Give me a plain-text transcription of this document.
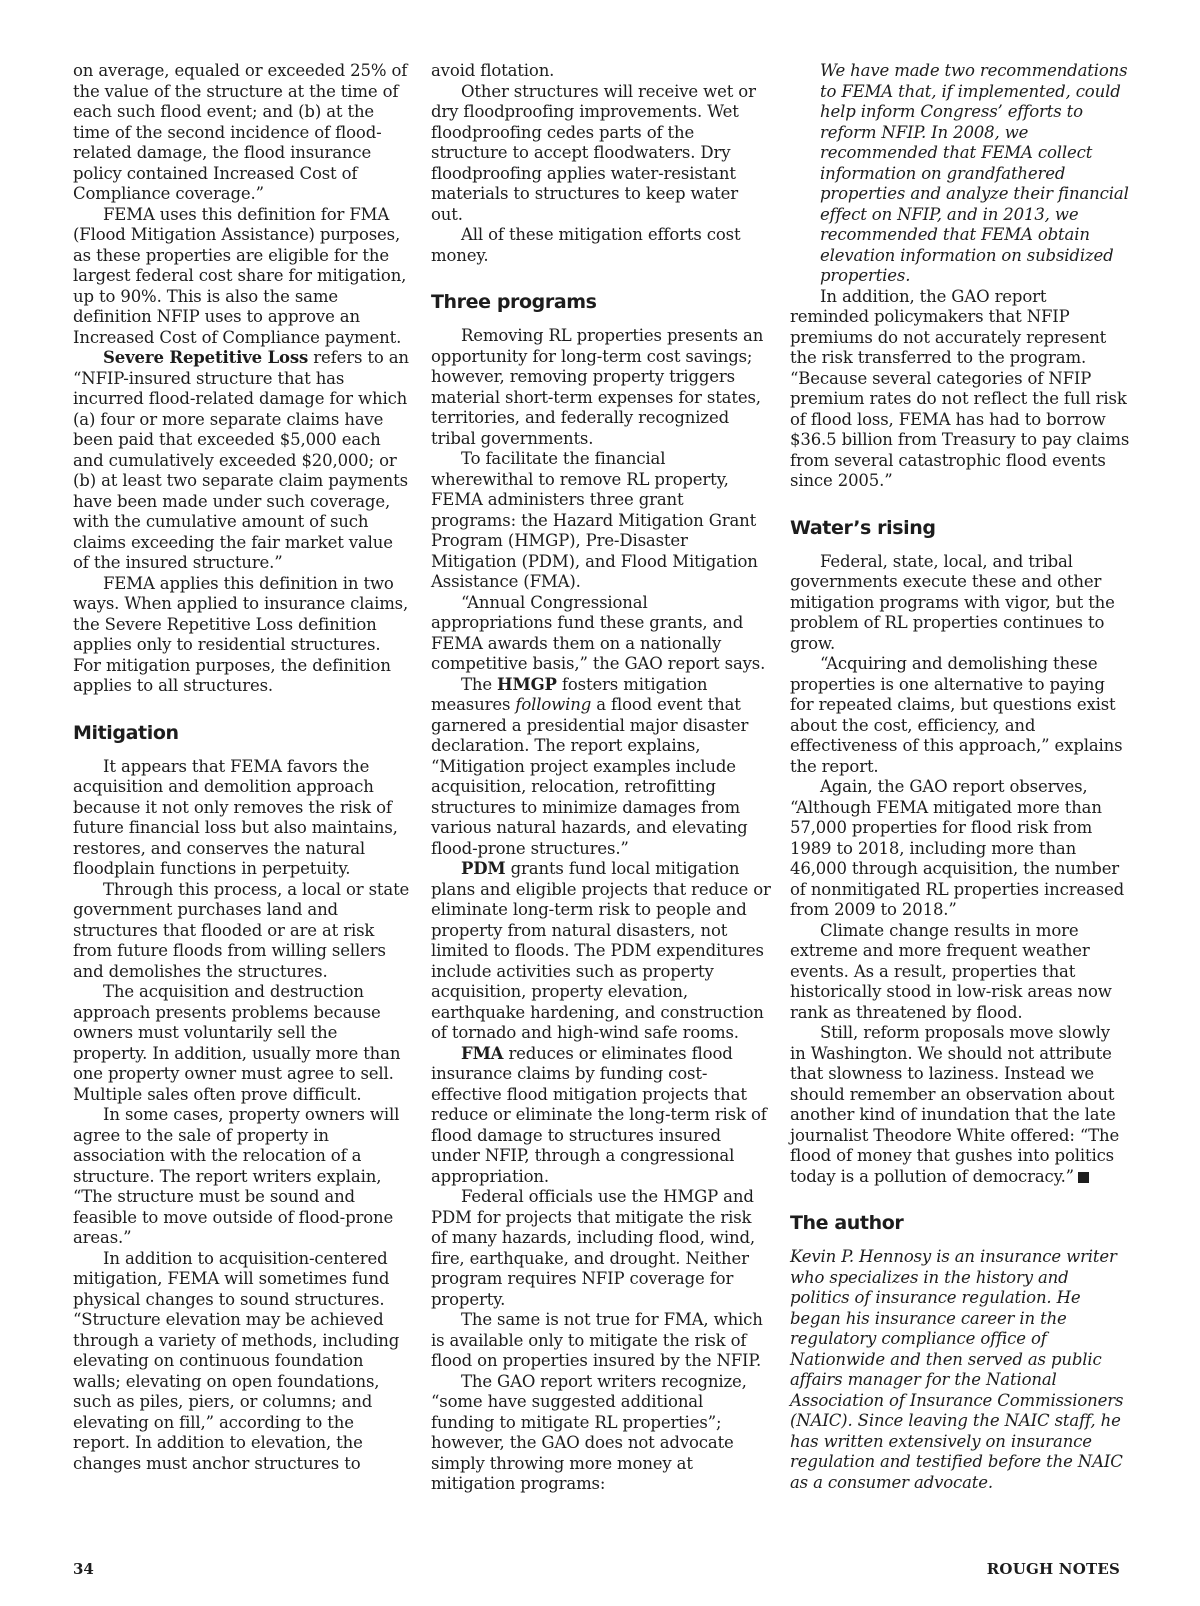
on average, equaled or exceeded 25% of the value of the structure at the time of each such flood event; and (b) at the time of the second incidence of flood-related damage, the flood insurance policy contained Increased Cost of Compliance coverage.”

FEMA uses this definition for FMA (Flood Mitigation Assistance) purposes, as these properties are eligible for the largest federal cost share for mitigation, up to 90%. This is also the same definition NFIP uses to approve an Increased Cost of Compliance payment.

Severe Repetitive Loss refers to an “NFIP-insured structure that has incurred flood-related damage for which (a) four or more separate claims have been paid that exceeded $5,000 each and cumulatively exceeded $20,000; or (b) at least two separate claim payments have been made under such coverage, with the cumulative amount of such claims exceeding the fair market value of the insured structure.”

FEMA applies this definition in two ways. When applied to insurance claims, the Severe Repetitive Loss definition applies only to residential structures. For mitigation purposes, the definition applies to all structures.

Mitigation

It appears that FEMA favors the acquisition and demolition approach because it not only removes the risk of future financial loss but also maintains, restores, and conserves the natural floodplain functions in perpetuity.

Through this process, a local or state government purchases land and structures that flooded or are at risk from future floods from willing sellers and demolishes the structures.

The acquisition and destruction approach presents problems because owners must voluntarily sell the property. In addition, usually more than one property owner must agree to sell. Multiple sales often prove difficult.

In some cases, property owners will agree to the sale of property in association with the relocation of a structure. The report writers explain, “The structure must be sound and feasible to move outside of flood-prone areas.”

In addition to acquisition-centered mitigation, FEMA will sometimes fund physical changes to sound structures. “Structure elevation may be achieved through a variety of methods, including elevating on continuous foundation walls; elevating on open foundations, such as piles, piers, or columns; and elevating on fill,” according to the report. In addition to elevation, the changes must anchor structures to

avoid flotation.

Other structures will receive wet or dry floodproofing improvements. Wet floodproofing cedes parts of the structure to accept floodwaters. Dry floodproofing applies water-resistant materials to structures to keep water out.

All of these mitigation efforts cost money.

Three programs

Removing RL properties presents an opportunity for long-term cost savings; however, removing property triggers material short-term expenses for states, territories, and federally recognized tribal governments.

To facilitate the financial wherewithal to remove RL property, FEMA administers three grant programs: the Hazard Mitigation Grant Program (HMGP), Pre-Disaster Mitigation (PDM), and Flood Mitigation Assistance (FMA).

“Annual Congressional appropriations fund these grants, and FEMA awards them on a nationally competitive basis,” the GAO report says.

The HMGP fosters mitigation measures following a flood event that garnered a presidential major disaster declaration. The report explains, “Mitigation project examples include acquisition, relocation, retrofitting structures to minimize damages from various natural hazards, and elevating flood-prone structures.”

PDM grants fund local mitigation plans and eligible projects that reduce or eliminate long-term risk to people and property from natural disasters, not limited to floods. The PDM expenditures include activities such as property acquisition, property elevation, earthquake hardening, and construction of tornado and high-wind safe rooms.

FMA reduces or eliminates flood insurance claims by funding cost-effective flood mitigation projects that reduce or eliminate the long-term risk of flood damage to structures insured under NFIP, through a congressional appropriation.

Federal officials use the HMGP and PDM for projects that mitigate the risk of many hazards, including flood, wind, fire, earthquake, and drought. Neither program requires NFIP coverage for property.

The same is not true for FMA, which is available only to mitigate the risk of flood on properties insured by the NFIP.

The GAO report writers recognize, “some have suggested additional funding to mitigate RL properties”; however, the GAO does not advocate simply throwing more money at mitigation programs:

We have made two recommendations to FEMA that, if implemented, could help inform Congress’ efforts to reform NFIP. In 2008, we recommended that FEMA collect information on grandfathered properties and analyze their financial effect on NFIP, and in 2013, we recommended that FEMA obtain elevation information on subsidized properties.

In addition, the GAO report reminded policymakers that NFIP premiums do not accurately represent the risk transferred to the program. “Because several categories of NFIP premium rates do not reflect the full risk of flood loss, FEMA has had to borrow $36.5 billion from Treasury to pay claims from several catastrophic flood events since 2005.”

Water’s rising

Federal, state, local, and tribal governments execute these and other mitigation programs with vigor, but the problem of RL properties continues to grow.

“Acquiring and demolishing these properties is one alternative to paying for repeated claims, but questions exist about the cost, efficiency, and effectiveness of this approach,” explains the report.

Again, the GAO report observes, “Although FEMA mitigated more than 57,000 properties for flood risk from 1989 to 2018, including more than 46,000 through acquisition, the number of nonmitigated RL properties increased from 2009 to 2018.”

Climate change results in more extreme and more frequent weather events. As a result, properties that historically stood in low-risk areas now rank as threatened by flood.

Still, reform proposals move slowly in Washington. We should not attribute that slowness to laziness. Instead we should remember an observation about another kind of inundation that the late journalist Theodore White offered: “The flood of money that gushes into politics today is a pollution of democracy.”

The author

Kevin P. Hennosy is an insurance writer who specializes in the history and politics of insurance regulation. He began his insurance career in the regulatory compliance office of Nationwide and then served as public affairs manager for the National Association of Insurance Commissioners (NAIC). Since leaving the NAIC staff, he has written extensively on insurance regulation and testified before the NAIC as a consumer advocate.

34	ROUGH NOTES
